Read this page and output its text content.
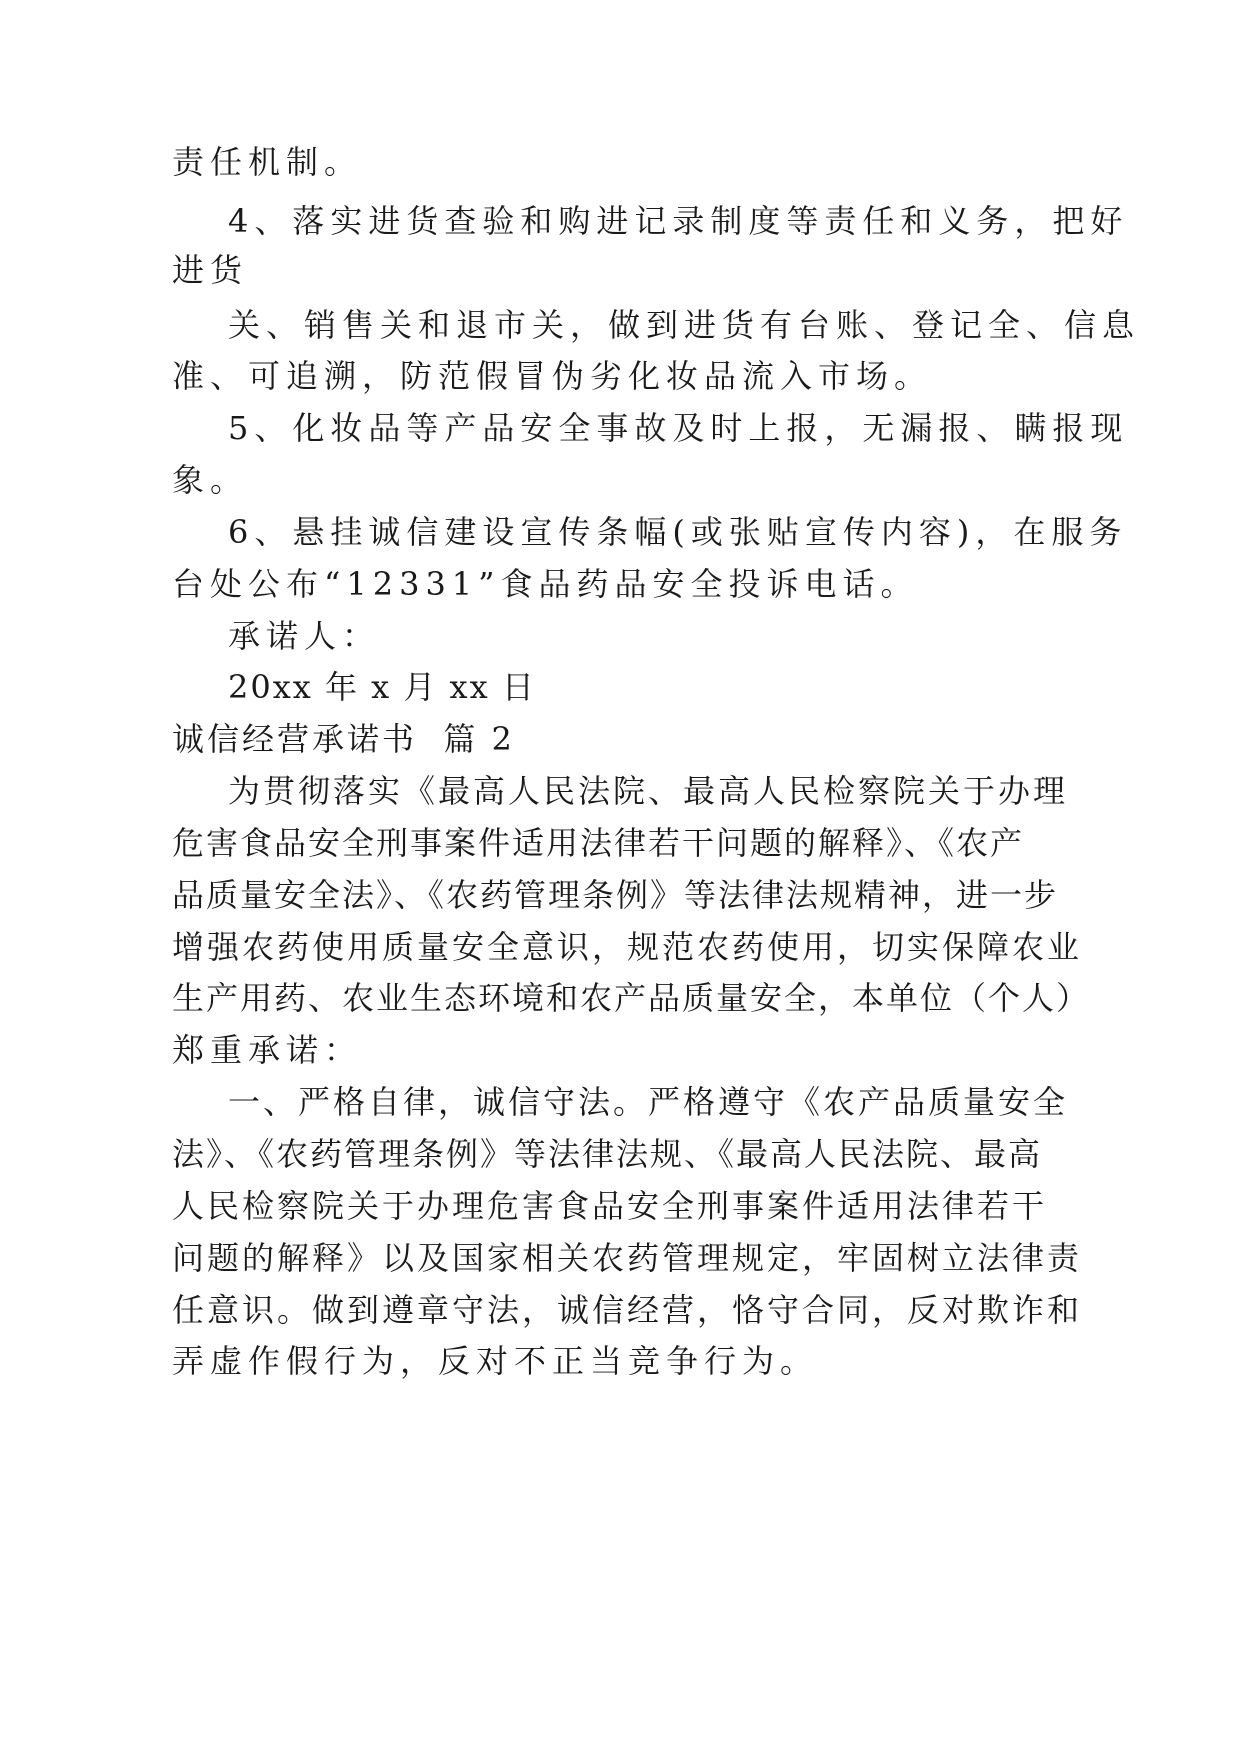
责任机制。

4、落实进货查验和购进记录制度等责任和义务，把好

进货

关、销售关和退市关，做到进货有台账、登记全、信息

准、可追溯，防范假冒伪劣化妆品流入市场。

5、化妆品等产品安全事故及时上报，无漏报、瞒报现

象。

6、悬挂诚信建设宣传条幅(或张贴宣传内容)，在服务

台处公布“12331”食品药品安全投诉电话。

承诺人：

20xx 年 x 月 xx 日

诚信经营承诺书  篇 2

为贯彻落实《最高人民法院、最高人民检察院关于办理

危害食品安全刑事案件适用法律若干问题的解释》、《农产

品质量安全法》、《农药管理条例》等法律法规精神，进一步

增强农药使用质量安全意识，规范农药使用，切实保障农业

生产用药、农业生态环境和农产品质量安全，本单位（个人）

郑重承诺：

一、严格自律，诚信守法。严格遵守《农产品质量安全

法》、《农药管理条例》等法律法规、《最高人民法院、最高

人民检察院关于办理危害食品安全刑事案件适用法律若干

问题的解释》以及国家相关农药管理规定，牢固树立法律责

任意识。做到遵章守法，诚信经营，恪守合同，反对欺诈和

弄虚作假行为，反对不正当竞争行为。
